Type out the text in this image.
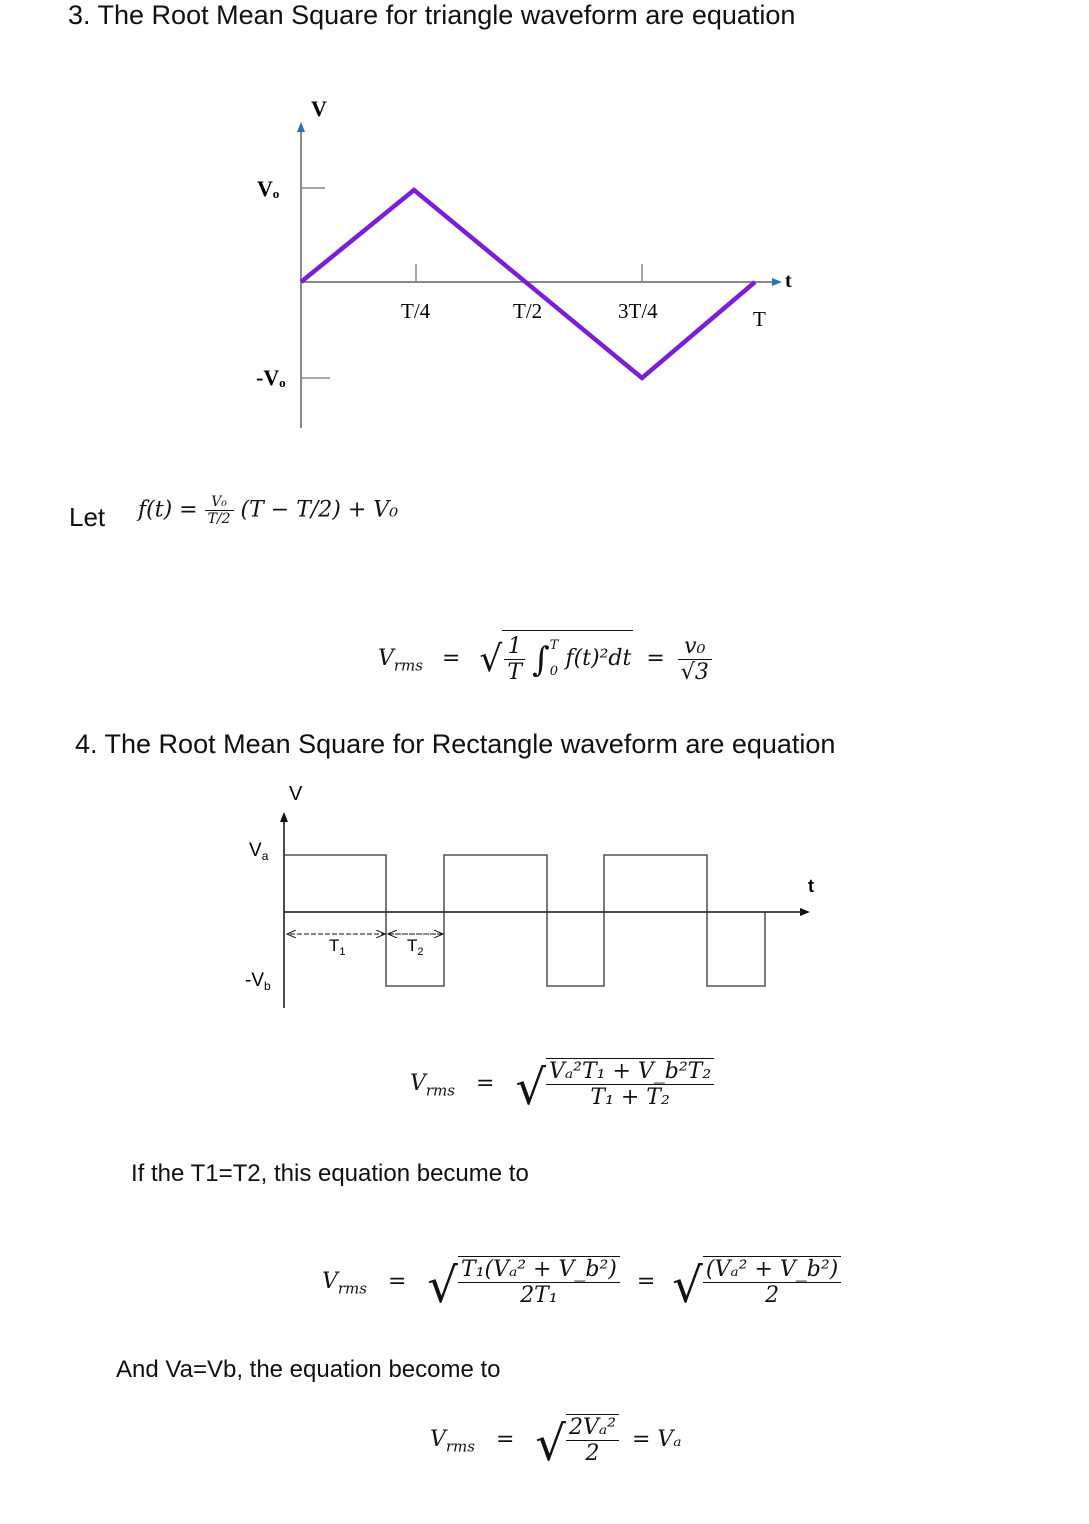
3. The Root Mean Square for triangle waveform are equation
V
t
Vₒ
-Vₒ
T/4	T/2	3T/4	T
Let $f(t) = \frac{\text{V₀}}{T/2} (T - T/2) + V_0$
$V_{rms}$ = √ $\frac{1}{T}$ ∫ T
0
$f(t)^2dt = \frac{\text{v₀}}{√3}$
4. The Root Mean Square for Rectangle waveform are equation
V
t
$V_a$
$-V_b$
$T_1$	$T_2$
$V_{rms}$ = √ $\frac{\text{Vₐ²T₁ + V\_b²T₂}}{\text{T₁ + T₂}}$
If the T1=T2, this equation becume to
$V_{rms}$ = √ $\frac{\text{T₁(Vₐ² + V\_b²)}}{\text{2T₁}}$ = √ $\frac{\text{(Vₐ² + V\_b²)}}{2}$
And Va=Vb, the equation become to
$V_{rms}$ = √ $\frac{\text{2Vₐ²}}{2} = V_a$
